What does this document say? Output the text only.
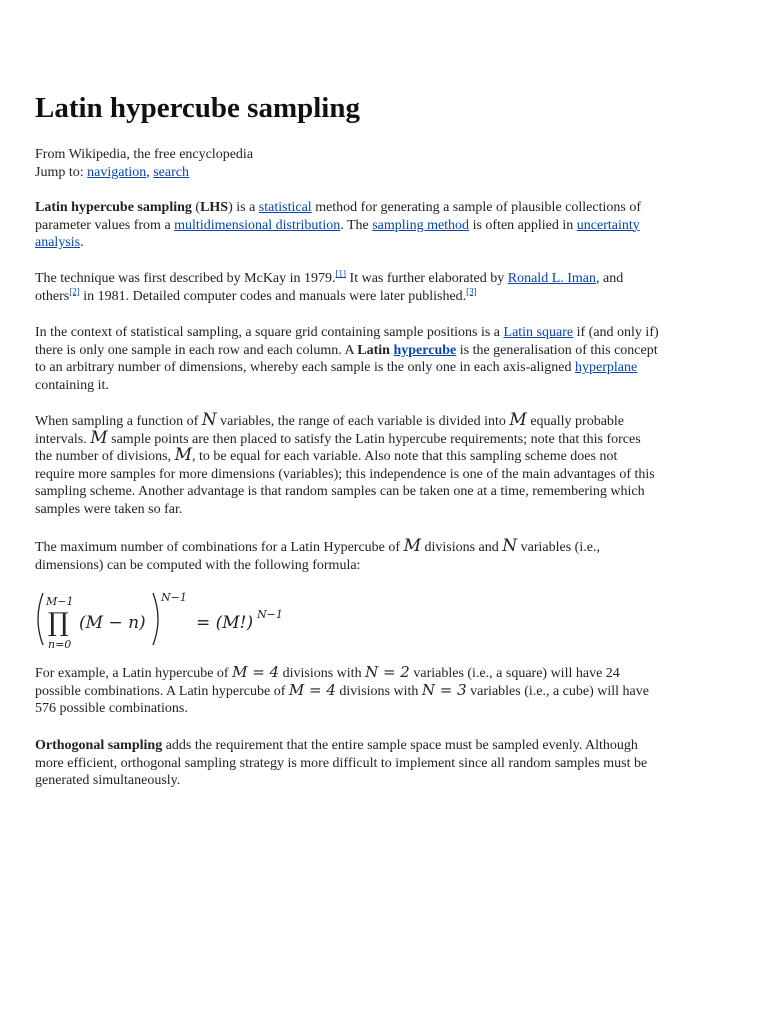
Latin hypercube sampling
From Wikipedia, the free encyclopedia
Jump to: navigation, search

Latin hypercube sampling (LHS) is a statistical method for generating a sample of plausible collections of parameter values from a multidimensional distribution. The sampling method is often applied in uncertainty analysis.

The technique was first described by McKay in 1979.[1] It was further elaborated by Ronald L. Iman, and others[2] in 1981. Detailed computer codes and manuals were later published.[3]

In the context of statistical sampling, a square grid containing sample positions is a Latin square if (and only if) there is only one sample in each row and each column. A Latin hypercube is the generalisation of this concept to an arbitrary number of dimensions, whereby each sample is the only one in each axis-aligned hyperplane containing it.

When sampling a function of N variables, the range of each variable is divided into M equally probable intervals. M sample points are then placed to satisfy the Latin hypercube requirements; note that this forces the number of divisions, M, to be equal for each variable. Also note that this sampling scheme does not require more samples for more dimensions (variables); this independence is one of the main advantages of this sampling scheme. Another advantage is that random samples can be taken one at a time, remembering which samples were taken so far.

The maximum number of combinations for a Latin Hypercube of M divisions and N variables (i.e., dimensions) can be computed with the following formula:

M−1
∏
n=0
(M − n)
N−1
= (M!) N−1

For example, a Latin hypercube of M = 4 divisions with N = 2 variables (i.e., a square) will have 24 possible combinations. A Latin hypercube of M = 4 divisions with N = 3 variables (i.e., a cube) will have 576 possible combinations.

Orthogonal sampling adds the requirement that the entire sample space must be sampled evenly. Although more efficient, orthogonal sampling strategy is more difficult to implement since all random samples must be generated simultaneously.
